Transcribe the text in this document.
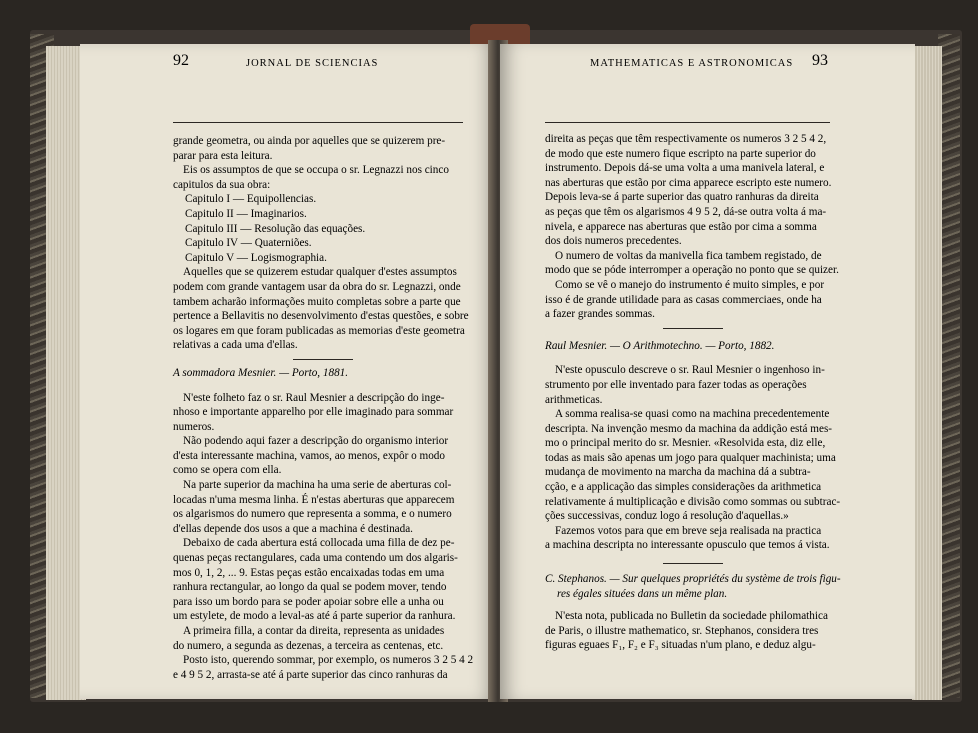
92	JORNAL DE SCIENCIAS
grande geometra, ou ainda por aquelles que se quizerem pre-
parar para esta leitura.
Eis os assumptos de que se occupa o sr. Legnazzi nos cinco
capitulos da sua obra:
Capitulo I — Equipollencias.
Capitulo II — Imaginarios.
Capitulo III — Resolução das equações.
Capitulo IV — Quaterniões.
Capitulo V — Logismographia.
Aquelles que se quizerem estudar qualquer d'estes assumptos
podem com grande vantagem usar da obra do sr. Legnazzi, onde
tambem acharão informações muito completas sobre a parte que
pertence a Bellavitis no desenvolvimento d'estas questões, e sobre
os logares em que foram publicadas as memorias d'este geometra
relativas a cada uma d'ellas.
A sommadora Mesnier. — Porto, 1881.
N'este folheto faz o sr. Raul Mesnier a descripção do inge-
nhoso e importante apparelho por elle imaginado para sommar
numeros.
Não podendo aqui fazer a descripção do organismo interior
d'esta interessante machina, vamos, ao menos, expôr o modo
como se opera com ella.
Na parte superior da machina ha uma serie de aberturas col-
locadas n'uma mesma linha. É n'estas aberturas que apparecem
os algarismos do numero que representa a somma, e o numero
d'ellas depende dos usos a que a machina é destinada.
Debaixo de cada abertura está collocada uma filla de dez pe-
quenas peças rectangulares, cada uma contendo um dos algaris-
mos 0, 1, 2, ... 9. Estas peças estão encaixadas todas em uma
ranhura rectangular, ao longo da qual se podem mover, tendo
para isso um bordo para se poder apoiar sobre elle a unha ou
um estylete, de modo a leval-as até á parte superior da ranhura.
A primeira filla, a contar da direita, representa as unidades
do numero, a segunda as dezenas, a terceira as centenas, etc.
Posto isto, querendo sommar, por exemplo, os numeros 3 2 5 4 2
e 4 9 5 2, arrasta-se até á parte superior das cinco ranhuras da
MATHEMATICAS E ASTRONOMICAS 93
direita as peças que têm respectivamente os numeros 3 2 5 4 2,
de modo que este numero fique escripto na parte superior do
instrumento. Depois dá-se uma volta a uma manivela lateral, e
nas aberturas que estão por cima apparece escripto este numero.
Depois leva-se á parte superior das quatro ranhuras da direita
as peças que têm os algarismos 4 9 5 2, dá-se outra volta á ma-
nivela, e apparece nas aberturas que estão por cima a somma
dos dois numeros precedentes.
O numero de voltas da manivella fica tambem registado, de
modo que se póde interromper a operação no ponto que se quizer.
Como se vê o manejo do instrumento é muito simples, e por
isso é de grande utilidade para as casas commerciaes, onde ha
a fazer grandes sommas.
Raul Mesnier. — O Arithmotechno. — Porto, 1882.
N'este opusculo descreve o sr. Raul Mesnier o ingenhoso in-
strumento por elle inventado para fazer todas as operações
arithmeticas.
A somma realisa-se quasi como na machina precedentemente
descripta. Na invenção mesmo da machina da addição está mes-
mo o principal merito do sr. Mesnier. «Resolvida esta, diz elle,
todas as mais são apenas um jogo para qualquer machinista; uma
mudança de movimento na marcha da machina dá a subtra-
cção, e a applicação das simples considerações da arithmetica
relativamente á multiplicação e divisão como sommas ou subtrac-
ções successivas, conduz logo á resolução d'aquellas.»
Fazemos votos para que em breve seja realisada na practica
a machina descripta no interessante opusculo que temos á vista.
C. Stephanos. — Sur quelques propriétés du système de trois figu-
res égales situées dans un même plan.
N'esta nota, publicada no Bulletin da sociedade philomathica
de Paris, o illustre mathematico, sr. Stephanos, considera tres
figuras eguaes F₁, F₂ e F₃ situadas n'um plano, e deduz algu-
